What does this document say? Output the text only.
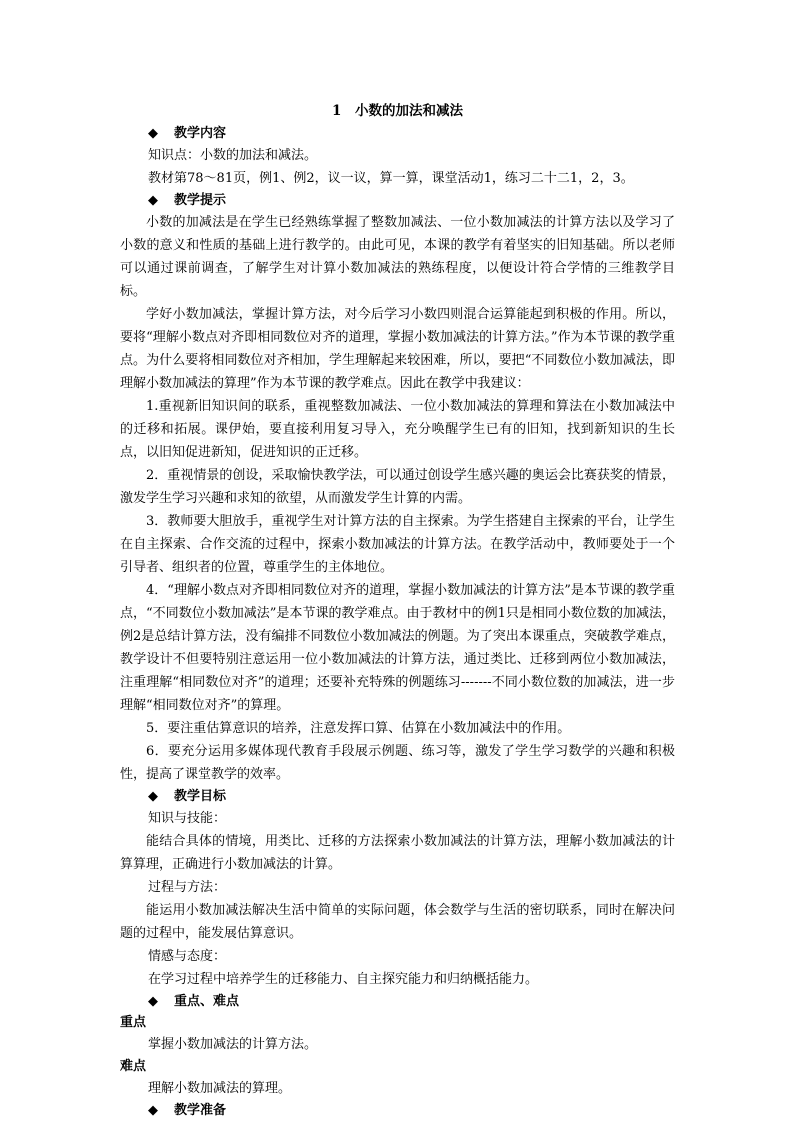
1　小数的加法和减法
◆ 教学内容
知识点：小数的加法和减法。
教材第78～81页，例1、例2，议一议，算一算，课堂活动1，练习二十二1，2，3。
◆ 教学提示
小数的加减法是在学生已经熟练掌握了整数加减法、一位小数加减法的计算方法以及学习了小数的意义和性质的基础上进行教学的。由此可见，本课的教学有着坚实的旧知基础。所以老师可以通过课前调查，了解学生对计算小数加减法的熟练程度，以便设计符合学情的三维教学目标。
学好小数加减法，掌握计算方法，对今后学习小数四则混合运算能起到积极的作用。所以，要将“理解小数点对齐即相同数位对齐的道理，掌握小数加减法的计算方法。”作为本节课的教学重点。为什么要将相同数位对齐相加，学生理解起来较困难，所以，要把“不同数位小数加减法，即理解小数加减法的算理”作为本节课的教学难点。因此在教学中我建议：
1.重视新旧知识间的联系，重视整数加减法、一位小数加减法的算理和算法在小数加减法中的迁移和拓展。课伊始，要直接利用复习导入，充分唤醒学生已有的旧知，找到新知识的生长点，以旧知促进新知，促进知识的正迁移。
2．重视情景的创设，采取愉快教学法，可以通过创设学生感兴趣的奥运会比赛获奖的情景，激发学生学习兴趣和求知的欲望，从而激发学生计算的内需。
3．教师要大胆放手，重视学生对计算方法的自主探索。为学生搭建自主探索的平台，让学生在自主探索、合作交流的过程中，探索小数加减法的计算方法。在教学活动中，教师要处于一个引导者、组织者的位置，尊重学生的主体地位。
4．“理解小数点对齐即相同数位对齐的道理，掌握小数加减法的计算方法”是本节课的教学重点，“不同数位小数加减法”是本节课的教学难点。由于教材中的例1只是相同小数位数的加减法，例2是总结计算方法，没有编排不同数位小数加减法的例题。为了突出本课重点，突破教学难点，教学设计不但要特别注意运用一位小数加减法的计算方法，通过类比、迁移到两位小数加减法，注重理解“相同数位对齐”的道理；还要补充特殊的例题练习-------不同小数位数的加减法，进一步理解“相同数位对齐”的算理。
5．要注重估算意识的培养，注意发挥口算、估算在小数加减法中的作用。
6．要充分运用多媒体现代教育手段展示例题、练习等，激发了学生学习数学的兴趣和积极性，提高了课堂教学的效率。
◆ 教学目标
知识与技能：
能结合具体的情境，用类比、迁移的方法探索小数加减法的计算方法，理解小数加减法的计算算理，正确进行小数加减法的计算。
过程与方法：
能运用小数加减法解决生活中简单的实际问题，体会数学与生活的密切联系，同时在解决问题的过程中，能发展估算意识。
情感与态度：
在学习过程中培养学生的迁移能力、自主探究能力和归纳概括能力。
◆ 重点、难点
重点
掌握小数加减法的计算方法。
难点
理解小数加减法的算理。
◆ 教学准备
